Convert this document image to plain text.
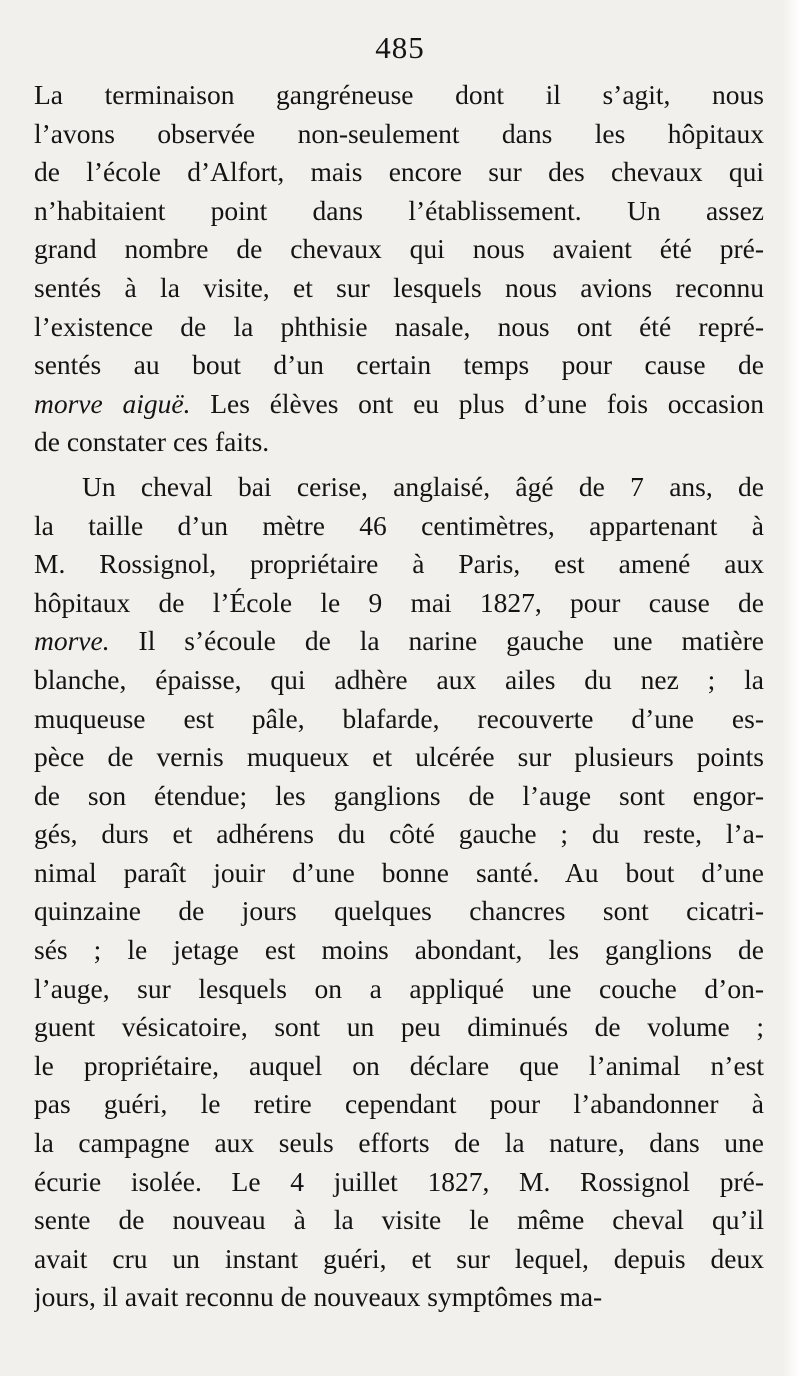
485
La terminaison gangréneuse dont il s’agit, nous
l’avons observée non-seulement dans les hôpitaux
de l’école d’Alfort, mais encore sur des chevaux qui
n’habitaient point dans l’établissement. Un assez
grand nombre de chevaux qui nous avaient été pré-
sentés à la visite, et sur lesquels nous avions reconnu
l’existence de la phthisie nasale, nous ont été repré-
sentés au bout d’un certain temps pour cause de
morve aiguë. Les élèves ont eu plus d’une fois occasion
de constater ces faits.
Un cheval bai cerise, anglaisé, âgé de 7 ans, de
la taille d’un mètre 46 centimètres, appartenant à
M. Rossignol, propriétaire à Paris, est amené aux
hôpitaux de l’École le 9 mai 1827, pour cause de
morve. Il s’écoule de la narine gauche une matière
blanche, épaisse, qui adhère aux ailes du nez ; la
muqueuse est pâle, blafarde, recouverte d’une es-
pèce de vernis muqueux et ulcérée sur plusieurs points
de son étendue; les ganglions de l’auge sont engor-
gés, durs et adhérens du côté gauche ; du reste, l’a-
nimal paraît jouir d’une bonne santé. Au bout d’une
quinzaine de jours quelques chancres sont cicatri-
sés ; le jetage est moins abondant, les ganglions de
l’auge, sur lesquels on a appliqué une couche d’on-
guent vésicatoire, sont un peu diminués de volume ;
le propriétaire, auquel on déclare que l’animal n’est
pas guéri, le retire cependant pour l’abandonner à
la campagne aux seuls efforts de la nature, dans une
écurie isolée. Le 4 juillet 1827, M. Rossignol pré-
sente de nouveau à la visite le même cheval qu’il
avait cru un instant guéri, et sur lequel, depuis deux
jours, il avait reconnu de nouveaux symptômes ma-
